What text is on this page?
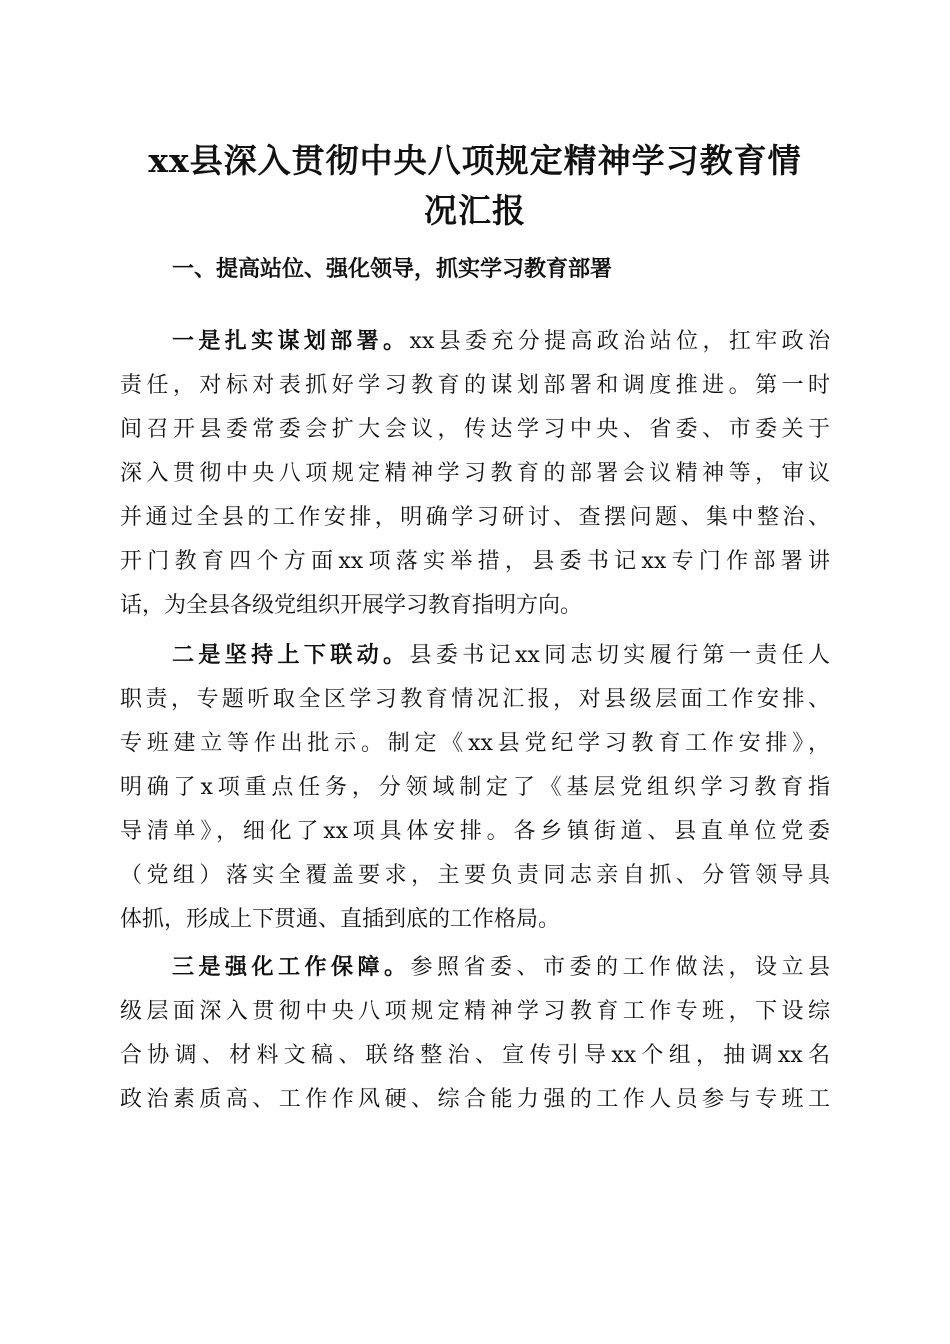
xx县深入贯彻中央八项规定精神学习教育情
况汇报
一、提高站位、强化领导，抓实学习教育部署
一是扎实谋划部署。xx县委充分提高政治站位，扛牢政治
责任，对标对表抓好学习教育的谋划部署和调度推进。第一时
间召开县委常委会扩大会议，传达学习中央、省委、市委关于
深入贯彻中央八项规定精神学习教育的部署会议精神等，审议
并通过全县的工作安排，明确学习研讨、查摆问题、集中整治、
开门教育四个方面xx项落实举措，县委书记xx专门作部署讲
话，为全县各级党组织开展学习教育指明方向。
二是坚持上下联动。县委书记xx同志切实履行第一责任人
职责，专题听取全区学习教育情况汇报，对县级层面工作安排、
专班建立等作出批示。制定《xx县党纪学习教育工作安排》，
明确了x项重点任务，分领域制定了《基层党组织学习教育指
导清单》，细化了xx项具体安排。各乡镇街道、县直单位党委
（党组）落实全覆盖要求，主要负责同志亲自抓、分管领导具
体抓，形成上下贯通、直插到底的工作格局。
三是强化工作保障。参照省委、市委的工作做法，设立县
级层面深入贯彻中央八项规定精神学习教育工作专班，下设综
合协调、材料文稿、联络整治、宣传引导xx个组，抽调xx名
政治素质高、工作作风硬、综合能力强的工作人员参与专班工
